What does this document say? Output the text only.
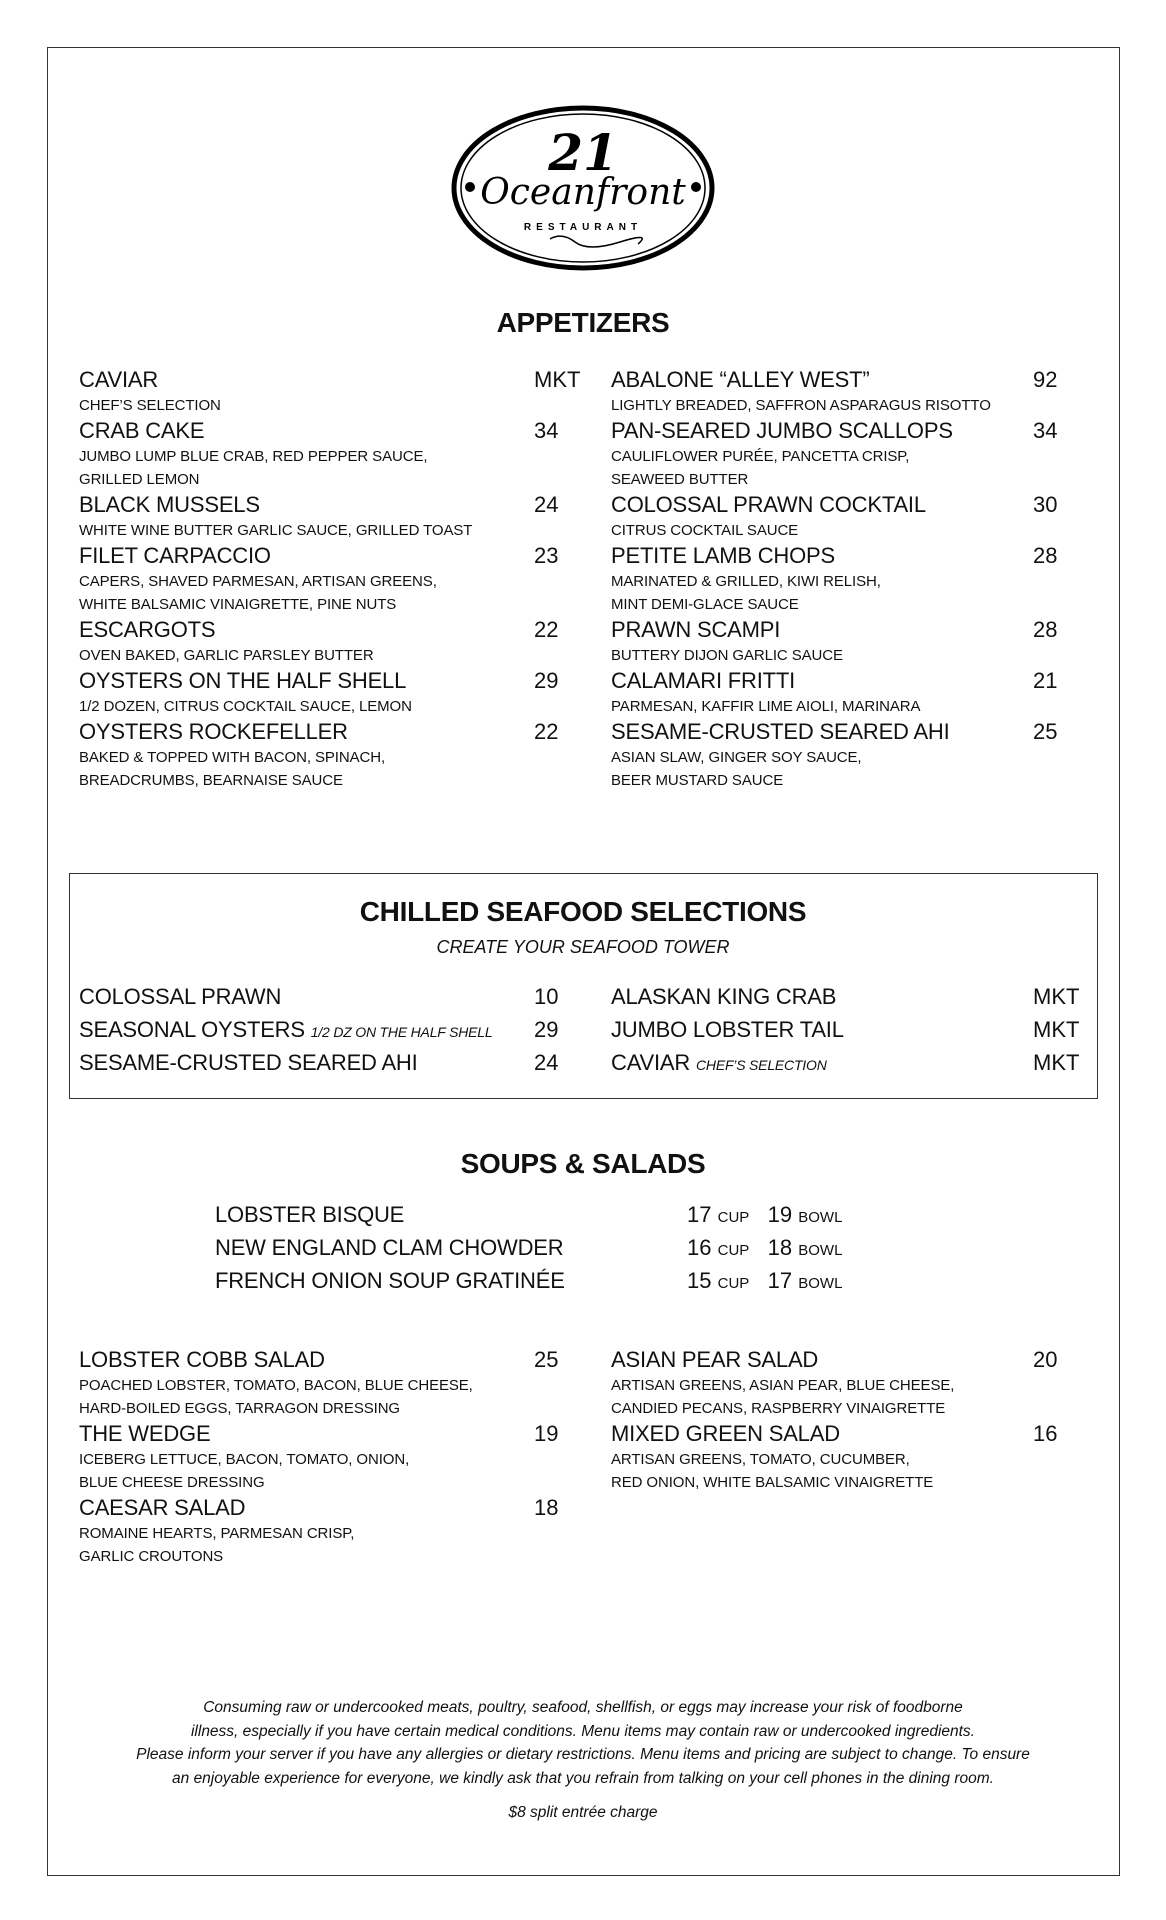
21
Oceanfront
RESTAURANT
APPETIZERS
CAVIAR	MKT
CHEF’S SELECTION
CRAB CAKE	34
JUMBO LUMP BLUE CRAB, RED PEPPER SAUCE,
GRILLED LEMON
BLACK MUSSELS	24
WHITE WINE BUTTER GARLIC SAUCE, GRILLED TOAST
FILET CARPACCIO	23
CAPERS, SHAVED PARMESAN, ARTISAN GREENS,
WHITE BALSAMIC VINAIGRETTE, PINE NUTS
ESCARGOTS	22
OVEN BAKED, GARLIC PARSLEY BUTTER
OYSTERS ON THE HALF SHELL	29
1/2 DOZEN, CITRUS COCKTAIL SAUCE, LEMON
OYSTERS ROCKEFELLER	22
BAKED & TOPPED WITH BACON, SPINACH,
BREADCRUMBS, BEARNAISE SAUCE
ABALONE “ALLEY WEST”	92
LIGHTLY BREADED, SAFFRON ASPARAGUS RISOTTO
PAN-SEARED JUMBO SCALLOPS	34
CAULIFLOWER PURÉE, PANCETTA CRISP,
SEAWEED BUTTER
COLOSSAL PRAWN COCKTAIL	30
CITRUS COCKTAIL SAUCE
PETITE LAMB CHOPS	28
MARINATED & GRILLED, KIWI RELISH,
MINT DEMI-GLACE SAUCE
PRAWN SCAMPI	28
BUTTERY DIJON GARLIC SAUCE
CALAMARI FRITTI	21
PARMESAN, KAFFIR LIME AIOLI, MARINARA
SESAME-CRUSTED SEARED AHI	25
ASIAN SLAW, GINGER SOY SAUCE,
BEER MUSTARD SAUCE
CHILLED SEAFOOD SELECTIONS
CREATE YOUR SEAFOOD TOWER
COLOSSAL PRAWN	10
SEASONAL OYSTERS 1/2 DZ ON THE HALF SHELL	29
SESAME-CRUSTED SEARED AHI	24
ALASKAN KING CRAB	MKT
JUMBO LOBSTER TAIL	MKT
CAVIAR CHEF’S SELECTION	MKT
SOUPS & SALADS
LOBSTER BISQUE	17 CUP 19 BOWL
NEW ENGLAND CLAM CHOWDER	16 CUP 18 BOWL
FRENCH ONION SOUP GRATINÉE	15 CUP 17 BOWL
LOBSTER COBB SALAD	25
POACHED LOBSTER, TOMATO, BACON, BLUE CHEESE,
HARD-BOILED EGGS, TARRAGON DRESSING
THE WEDGE	19
ICEBERG LETTUCE, BACON, TOMATO, ONION,
BLUE CHEESE DRESSING
CAESAR SALAD	18
ROMAINE HEARTS, PARMESAN CRISP,
GARLIC CROUTONS
ASIAN PEAR SALAD	20
ARTISAN GREENS, ASIAN PEAR, BLUE CHEESE,
CANDIED PECANS, RASPBERRY VINAIGRETTE
MIXED GREEN SALAD	16
ARTISAN GREENS, TOMATO, CUCUMBER,
RED ONION, WHITE BALSAMIC VINAIGRETTE
Consuming raw or undercooked meats, poultry, seafood, shellfish, or eggs may increase your risk of foodborne
illness, especially if you have certain medical conditions. Menu items may contain raw or undercooked ingredients.
Please inform your server if you have any allergies or dietary restrictions. Menu items and pricing are subject to change. To ensure
an enjoyable experience for everyone, we kindly ask that you refrain from talking on your cell phones in the dining room.
$8 split entrée charge
